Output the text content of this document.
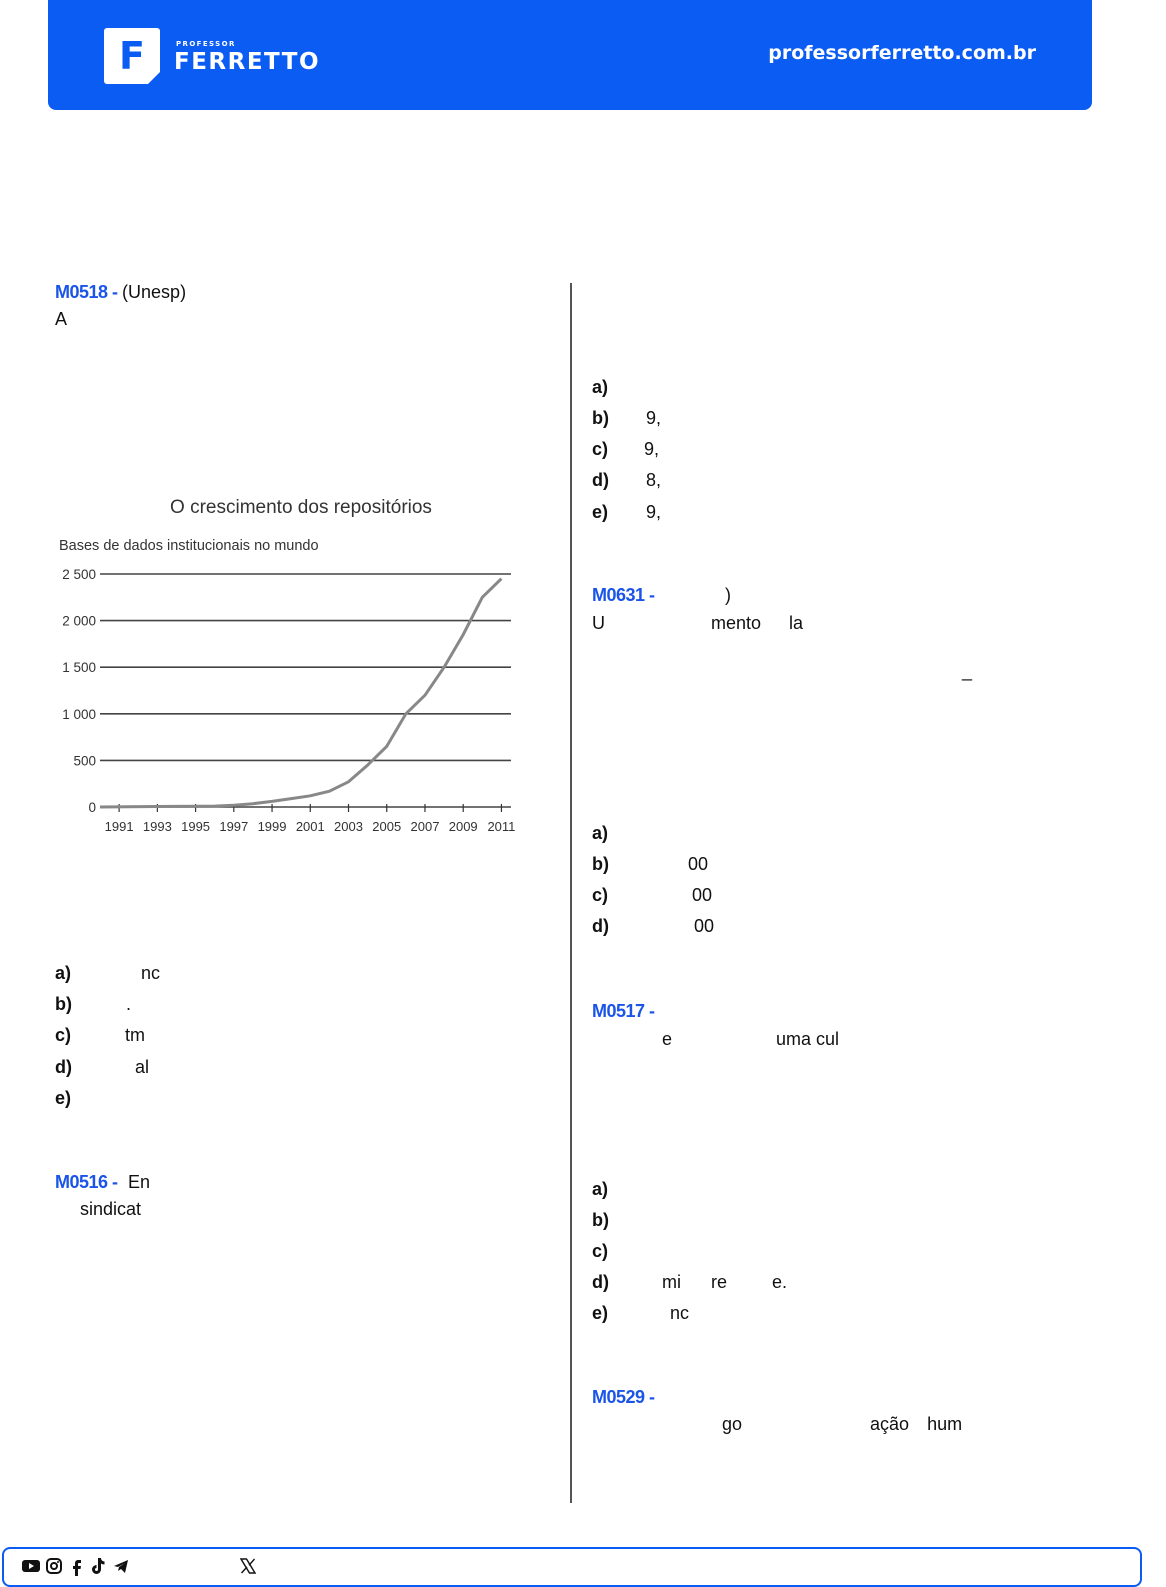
F	PROFESSOR
FERRETTO	professorferretto.com.br
M0518 - (Unesp)
A
O crescimento dos repositórios
Bases de dados institucionais no mundo
0
500
1 000
1 500
2 000
2 500
1991 1993 1995 1997 1999 2001 2003 2005 2007 2009 2011
a)	nc
b)	.
c)	tm
d)	al
e)
M0516 - En
sindicat
a)
b) 9,
c) 9,
d) 8,
e) 9,
M0631 -	)
U	mento la
_
a)
b)	00
c)	00
d)	00
M0517 -
e	uma cul
a)
b)
c)
d)	mi      re         e.
e)	nc
M0529 -
go	ação hum
